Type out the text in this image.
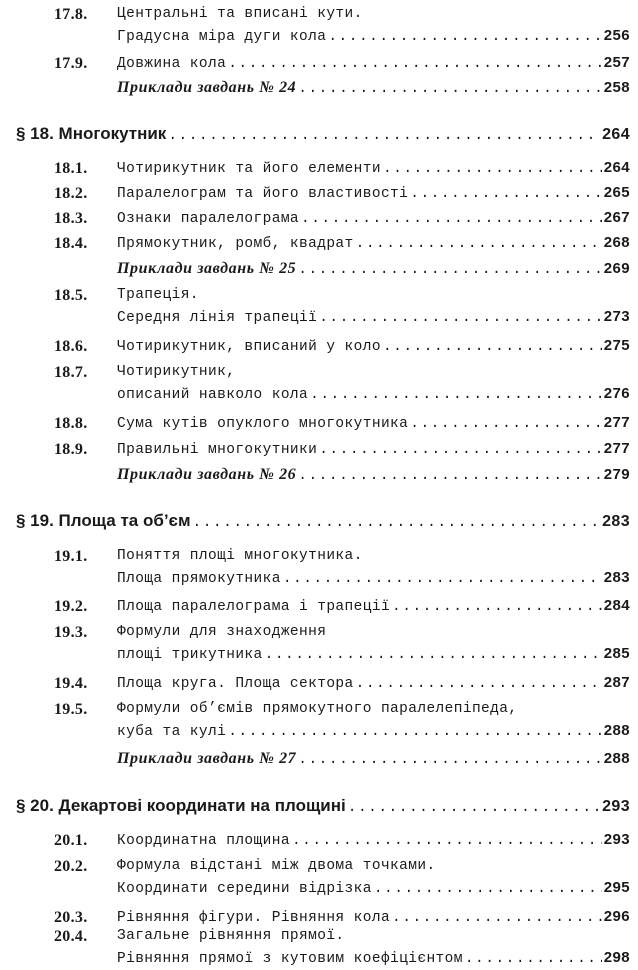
17.8. Центральні та вписані кути.
Градусна міра дуги кола .....	256
17.9. Довжина кола .....	257
Приклади завдань № 24 .....	258
§ 18. Многокутник .....	264
18.1. Чотирикутник та його елементи .....	264
18.2. Паралелограм та його властивості .....	265
18.3. Ознаки паралелограма .....	267
18.4. Прямокутник, ромб, квадрат .....	268
Приклади завдань № 25 .....	269
18.5. Трапеція.
Середня лінія трапеції .....	273
18.6. Чотирикутник, вписаний у коло .....	275
18.7. Чотирикутник,
описаний навколо кола .....	276
18.8. Сума кутів опуклого многокутника .....	277
18.9. Правильні многокутники .....	277
Приклади завдань № 26 .....	279
§ 19. Площа та об’єм .....	283
19.1. Поняття площі многокутника.
Площа прямокутника .....	283
19.2. Площа паралелограма і трапеції .....	284
19.3. Формули для знаходження
площі трикутника .....	285
19.4. Площа круга. Площа сектора .....	287
19.5. Формули об’ємів прямокутного паралелепіпеда,
куба та кулі .....	288
Приклади завдань № 27 .....	288
§ 20. Декартові координати на площині .....	293
20.1. Координатна площина .....	293
20.2. Формула відстані між двома точками.
Координати середини відрізка .....	295
20.3. Рівняння фігури. Рівняння кола .....	296
20.4. Загальне рівняння прямої.
Рівняння прямої з кутовим коефіцієнтом .....	298
